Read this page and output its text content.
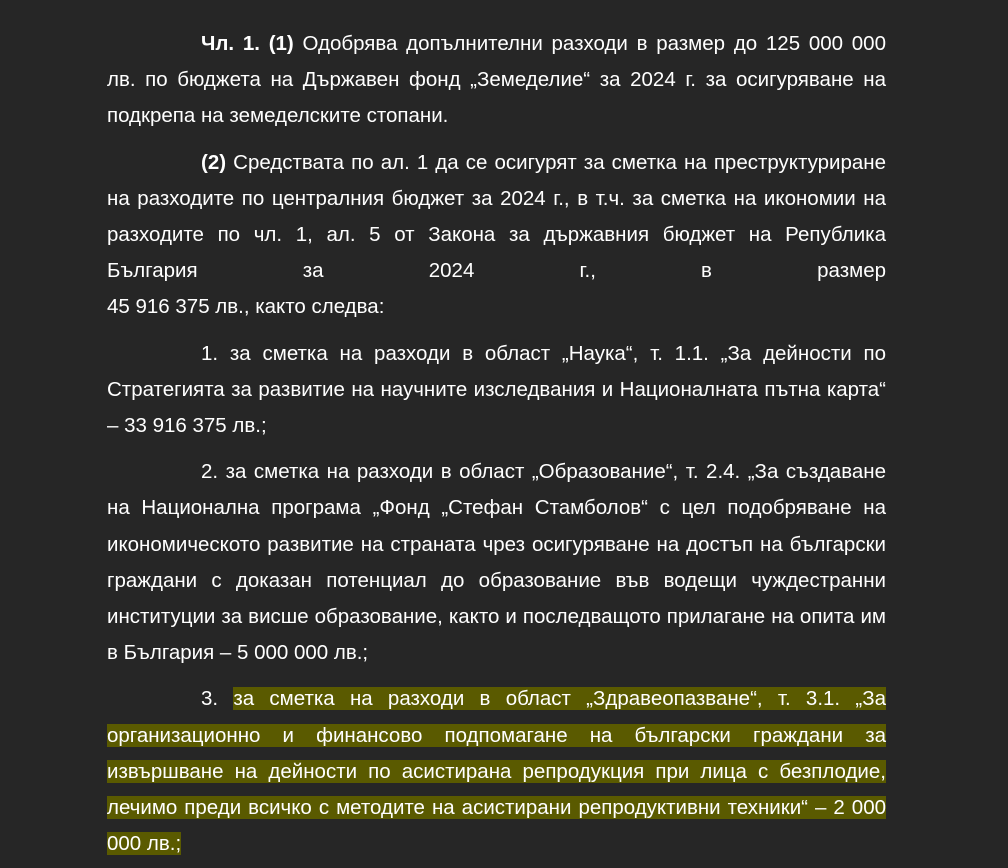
Чл. 1. (1) Одобрява допълнителни разходи в размер до 125 000 000 лв. по бюджета на Държавен фонд „Земеделие“ за 2024 г. за осигуряване на подкрепа на земеделските стопани.

(2) Средствата по ал. 1 да се осигурят за сметка на преструктуриране на разходите по централния бюджет за 2024 г., в т.ч. за сметка на икономии на разходите по чл. 1, ал. 5 от Закона за държавния бюджет на Република България за 2024 г., в размер
45 916 375 лв., както следва:

1. за сметка на разходи в област „Наука“, т. 1.1. „За дейности по Стратегията за развитие на научните изследвания и Националната пътна карта“ – 33 916 375 лв.;

2. за сметка на разходи в област „Образование“, т. 2.4. „За създаване на Национална програма „Фонд „Стефан Стамболов“ с цел подобряване на икономическото развитие на страната чрез осигуряване на достъп на български граждани с доказан потенциал до образование във водещи чуждестранни институции за висше образование, както и последващото прилагане на опита им в България – 5 000 000 лв.;

3. за сметка на разходи в област „Здравеопазване“, т. 3.1. „За организационно и финансово подпомагане на български граждани за извършване на дейности по асистирана репродукция при лица с безплодие, лечимо преди всичко с методите на асистирани репродуктивни техники“ – 2 000 000 лв.;
